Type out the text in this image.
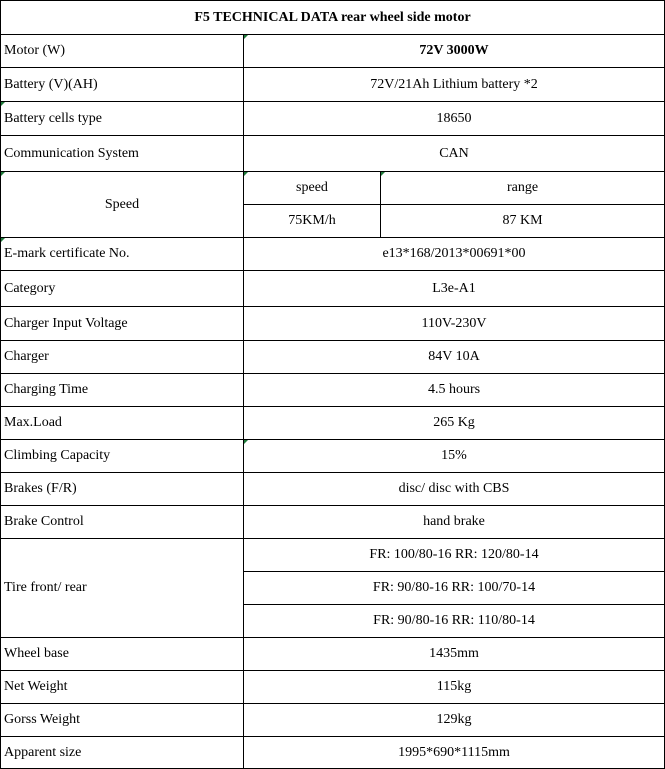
F5 TECHNICAL DATA rear wheel side motor		
Motor (W)	72V 3000W	
Battery (V)(AH)	72V/21Ah Lithium battery *2	
Battery cells type	18650	
Communication System	CAN	
Speed	speed	range
	75KM/h	87 KM
E-mark certificate No.	e13*168/2013*00691*00	
Category	L3e-A1	
Charger Input Voltage	110V-230V	
Charger	84V 10A	
Charging Time	4.5 hours	
Max.Load	265 Kg	
Climbing Capacity	15%	
Brakes (F/R)	disc/ disc with CBS	
Brake Control	hand brake	
Tire front/ rear	FR: 100/80-16 RR: 120/80-14	
	FR: 90/80-16 RR: 100/70-14	
	FR: 90/80-16 RR: 110/80-14	
Wheel base	1435mm	
Net Weight	115kg	
Gorss Weight	129kg	
Apparent size	1995*690*1115mm	
